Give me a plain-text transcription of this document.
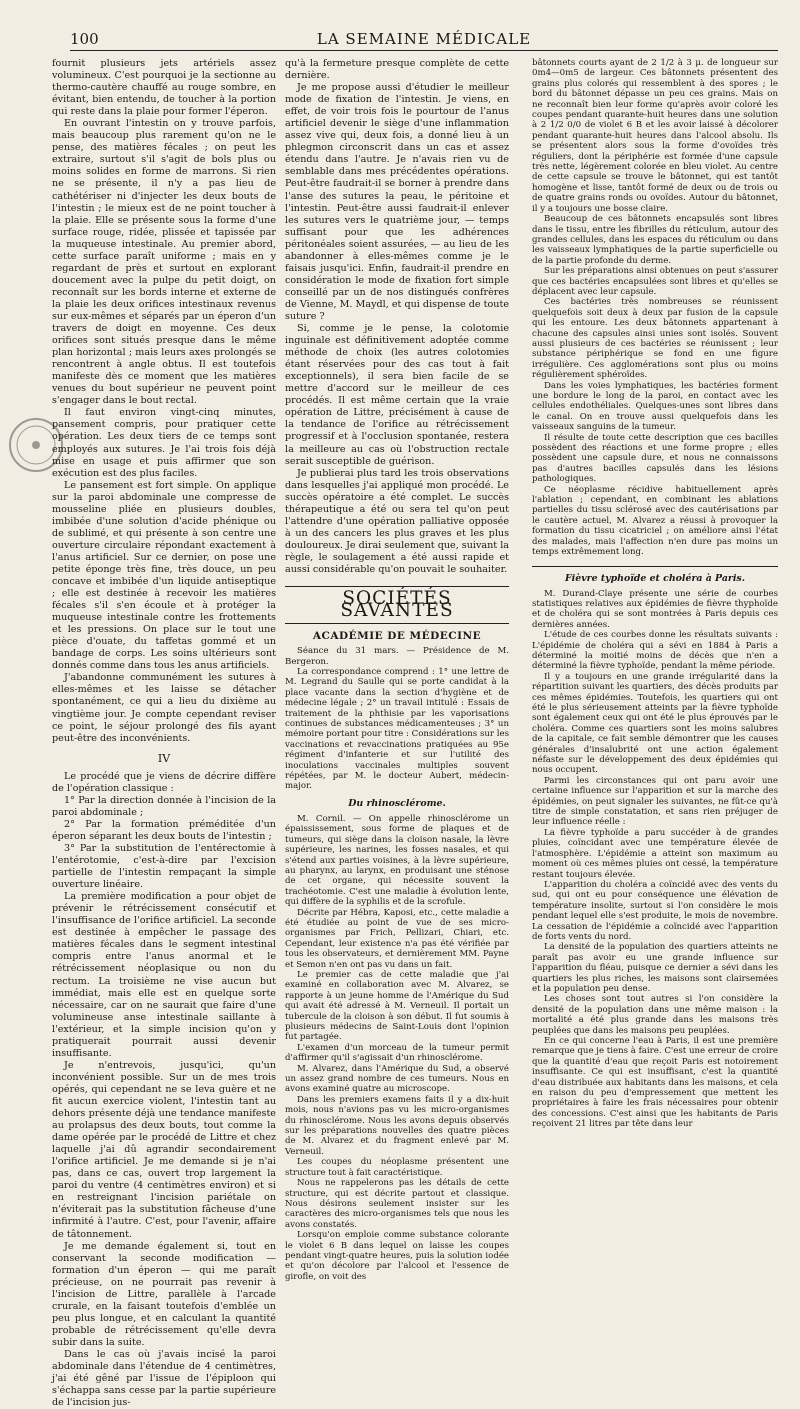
100	LA SEMAINE MÉDICALE

fournit plusieurs jets artériels assez volumineux. C'est pourquoi je la sectionne au thermo-cautère chauffé au rouge sombre, en évitant, bien entendu, de toucher à la portion qui reste dans la plaie pour former l'éperon.

En ouvrant l'intestin on y trouve parfois, mais beaucoup plus rarement qu'on ne le pense, des matières fécales ; on peut les extraire, surtout s'il s'agit de bols plus ou moins solides en forme de marrons. Si rien ne se présente, il n'y a pas lieu de cathétériser ni d'injecter les deux bouts de l'intestin ; le mieux est de ne point toucher à la plaie. Elle se présente sous la forme d'une surface rouge, ridée, plissée et tapissée par la muqueuse intestinale. Au premier abord, cette surface paraît uniforme ; mais en y regardant de près et surtout en explorant doucement avec la pulpe du petit doigt, on reconnaît sur les bords interne et externe de la plaie les deux orifices intestinaux revenus sur eux-mêmes et séparés par un éperon d'un travers de doigt en moyenne. Ces deux orifices sont situés presque dans le même plan horizontal ; mais leurs axes prolongés se rencontrent à angle obtus. Il est toutefois manifeste dès ce moment que les matières venues du bout supérieur ne peuvent point s'engager dans le bout rectal.

Il faut environ vingt-cinq minutes, pansement compris, pour pratiquer cette opération. Les deux tiers de ce temps sont employés aux sutures. Je l'ai trois fois déjà mise en usage et puis affirmer que son exécution est des plus faciles.

Le pansement est fort simple. On applique sur la paroi abdominale une compresse de mousseline pliée en plusieurs doubles, imbibée d'une solution d'acide phénique ou de sublimé, et qui présente à son centre une ouverture circulaire répondant exactement à l'anus artificiel. Sur ce dernier, on pose une petite éponge très fine, très douce, un peu concave et imbibée d'un liquide antiseptique ; elle est destinée à recevoir les matières fécales s'il s'en écoule et à protéger la muqueuse intestinale contre les frottements et les pressions. On place sur le tout une pièce d'ouate, du taffetas gommé et un bandage de corps. Les soins ultérieurs sont donnés comme dans tous les anus artificiels.

J'abandonne communément les sutures à elles-mêmes et les laisse se détacher spontanément, ce qui a lieu du dixième au vingtième jour. Je compte cependant reviser ce point, le séjour prolongé des fils ayant peut-être des inconvénients.

IV

Le procédé que je viens de décrire diffère de l'opération classique :

1° Par la direction donnée à l'incision de la paroi abdominale ;

2° Par la formation préméditée d'un éperon séparant les deux bouts de l'intestin ;

3° Par la substitution de l'entérectomie à l'entérotomie, c'est-à-dire par l'excision partielle de l'intestin rempaçant la simple ouverture linéaire.

La première modification a pour objet de prévenir le rétrécissement consécutif et l'insuffisance de l'orifice artificiel. La seconde est destinée à empêcher le passage des matières fécales dans le segment intestinal compris entre l'anus anormal et le rétrécissement néoplasique ou non du rectum. La troisième ne vise aucun but immédiat, mais elle est en quelque sorte nécessaire, car on ne saurait que faire d'une volumineuse anse intestinale saillante à l'extérieur, et la simple incision qu'on y pratiquerait pourrait aussi devenir insuffisante.

Je n'entrevois, jusqu'ici, qu'un inconvénient possible. Sur un de mes trois opérés, qui cependant ne se leva guère et ne fit aucun exercice violent, l'intestin tant au dehors présente déjà une tendance manifeste au prolapsus des deux bouts, tout comme la dame opérée par le procédé de Littre et chez laquelle j'ai dû agrandir secondairement l'orifice artificiel. Je me demande si je n'ai pas, dans ce cas, ouvert trop largement la paroi du ventre (4 centimètres environ) et si en restreignant l'incision pariétale on n'éviterait pas la substitution fâcheuse d'une infirmité à l'autre. C'est, pour l'avenir, affaire de tâtonnement.

Je me demande également si, tout en conservant la seconde modification — formation d'un éperon — qui me paraît précieuse, on ne pourrait pas revenir à l'incision de Littre, parallèle à l'arcade crurale, en la faisant toutefois d'emblée un peu plus longue, et en calculant la quantité probable de rétrécissement qu'elle devra subir dans la suite.

Dans le cas où j'avais incisé la paroi abdominale dans l'étendue de 4 centimètres, j'ai été gêné par l'issue de l'épiploon qui s'échappa sans cesse par la partie supérieure de l'incision jus-

qu'à la fermeture presque complète de cette dernière.

Je me propose aussi d'étudier le meilleur mode de fixation de l'intestin. Je viens, en effet, de voir trois fois le pourtour de l'anus artificiel devenir le siège d'une inflammation assez vive qui, deux fois, a donné lieu à un phlegmon circonscrit dans un cas et assez étendu dans l'autre. Je n'avais rien vu de semblable dans mes précédentes opérations. Peut-être faudrait-il se borner à prendre dans l'anse des sutures la peau, le péritoine et l'intestin. Peut-être aussi faudrait-il enlever les sutures vers le quatrième jour, — temps suffisant pour que les adhérences péritonéales soient assurées, — au lieu de les abandonner à elles-mêmes comme je le faisais jusqu'ici. Enfin, faudrait-il prendre en considération le mode de fixation fort simple conseillé par un de nos distingués confrères de Vienne, M. Maydl, et qui dispense de toute suture ?

Si, comme je le pense, la colotomie inguinale est définitivement adoptée comme méthode de choix (les autres colotomies étant réservées pour des cas tout à fait exceptionnels), il sera bien facile de se mettre d'accord sur le meilleur de ces procédés. Il est même certain que la vraie opération de Littre, précisément à cause de la tendance de l'orifice au rétrécissement progressif et à l'occlusion spontanée, restera la meilleure au cas où l'obstruction rectale serait susceptible de guérison.

Je publierai plus tard les trois observations dans lesquelles j'ai appliqué mon procédé. Le succès opératoire a été complet. Le succès thérapeutique a été ou sera tel qu'on peut l'attendre d'une opération palliative opposée à un des cancers les plus graves et les plus douloureux. Je dirai seulement que, suivant la règle, le soulagement a été aussi rapide et aussi considérable qu'on pouvait le souhaiter.

SOCIÉTÉS SAVANTES
ACADÉMIE DE MÉDECINE
Séance du 31 mars. — Présidence de M. Bergeron.

La correspondance comprend : 1° une lettre de M. Legrand du Saulle qui se porte candidat à la place vacante dans la section d'hygiène et de médecine légale ; 2° un travail intitulé : Essais de traitement de la phthisie par les vaporisations continues de substances médicamenteuses ; 3° un mémoire portant pour titre : Considérations sur les vaccinations et revaccinations pratiquées au 95e régiment d'infanterie et sur l'utilité des inoculations vaccinales multiples souvent répétées, par M. le docteur Aubert, médecin-major.

Du rhinosclérome.

M. Cornil. — On appelle rhinosclérome un épaississement, sous forme de plaques et de tumeurs, qui siège dans la cloison nasale, la lèvre supérieure, les narines, les fosses nasales, et qui s'étend aux parties voisines, à la lèvre supérieure, au pharynx, au larynx, en produisant une sténose de cet organe, qui nécessite souvent la trachéotomie. C'est une maladie à évolution lente, qui diffère de la syphilis et de la scrofule.

Décrite par Hébra, Kaposi, etc., cette maladie a été étudiée au point de vue de ses micro-organismes par Frich, Pellizari, Chiari, etc. Cependant, leur existence n'a pas été vérifiée par tous les observateurs, et dernièrement MM. Payne et Semon n'en ont pas vu dans un fait.

Le premier cas de cette maladie que j'ai examiné en collaboration avec M. Alvarez, se rapporte à un jeune homme de l'Amérique du Sud qui avait été adressé à M. Verneuil. Il portait un tubercule de la cloison à son début. Il fut soumis à plusieurs médecins de Saint-Louis dont l'opinion fut partagée.

L'examen d'un morceau de la tumeur permit d'affirmer qu'il s'agissait d'un rhinosclérome.

M. Alvarez, dans l'Amérique du Sud, a observé un assez grand nombre de ces tumeurs. Nous en avons examiné quatre au microscope.

Dans les premiers examens faits il y a dix-huit mois, nous n'avions pas vu les micro-organismes du rhinosclérome. Nous les avons depuis observés sur les préparations nouvelles des quatre pièces de M. Alvarez et du fragment enlevé par M. Verneuil.

Les coupes du néoplasme présentent une structure tout à fait caractéristique.

Nous ne rappelerons pas les détails de cette structure, qui est décrite partout et classique. Nous désirons seulement insister sur les caractères des micro-organismes tels que nous les avons constatés.

Lorsqu'on emploie comme substance colorante le violet 6 B dans lequel on laisse les coupes pendant vingt-quatre heures, puis la solution iodée et qu'on décolore par l'alcool et l'essence de girofle, on voit des

bâtonnets courts ayant de 2 1/2 à 3 μ. de longueur sur 0m4—0m5 de largeur. Ces bâtonnets présentent des grains plus colorés qui ressemblent à des spores ; le bord du bâtonnet dépasse un peu ces grains. Mais on ne reconnaît bien leur forme qu'après avoir coloré les coupes pendant quarante-huit heures dans une solution à 2 1/2 0/0 de violet 6 B et les avoir laissé à décolorer pendant quarante-huit heures dans l'alcool absolu. Ils se présentent alors sous la forme d'ovoïdes très réguliers, dont la périphérie est formée d'une capsule très nette, légèrement colorée en bleu violet. Au centre de cette capsule se trouve le bâtonnet, qui est tantôt homogène et lisse, tantôt formé de deux ou de trois ou de quatre grains ronds ou ovoïdes. Autour du bâtonnet, il y a toujours une bosse claire.

Beaucoup de ces bâtonnets encapsulés sont libres dans le tissu, entre les fibrilles du réticulum, autour des grandes cellules, dans les espaces du réticulum ou dans les vaisseaux lymphatiques de la partie superficielle ou de la partie profonde du derme.

Sur les préparations ainsi obtenues on peut s'assurer que ces bactéries encapsulées sont libres et qu'elles se déplacent avec leur capsule.

Ces bactéries très nombreuses se réunissent quelquefois soit deux à deux par fusion de la capsule qui les entoure. Les deux bâtonnets appartenant à chacune des capsules ainsi unies sont isolés. Souvent aussi plusieurs de ces bactéries se réunissent ; leur substance périphérique se fond en une figure irrégulière. Ces agglomérations sont plus ou moins régulièrement sphéroïdes.

Dans les voies lymphatiques, les bactéries forment une bordure le long de la paroi, en contact avec les cellules endothéliales. Quelques-unes sont libres dans le canal. On en trouve aussi quelquefois dans les vaisseaux sanguins de la tumeur.

Il résulte de toute cette description que ces bacilles possèdent des réactions et une forme propre ; elles possèdent une capsule dure, et nous ne connaissons pas d'autres bacilles capsulés dans les lésions pathologiques.

Ce néoplasme récidive habituellement après l'ablation ; cependant, en combinant les ablations partielles du tissu sclérosé avec des cautérisations par le cautère actuel, M. Alvarez a réussi à provoquer la formation du tissu cicatriciel ; on améliore ainsi l'état des malades, mais l'affection n'en dure pas moins un temps extrêmement long.

Fièvre typhoïde et choléra à Paris.

M. Durand-Claye présente une série de courbes statistiques relatives aux épidémies de fièvre thyphoïde et de choléra qui se sont montrées à Paris depuis ces dernières années.

L'étude de ces courbes donne les résultats suivants : L'épidémie de choléra qui a sévi en 1884 à Paris a déterminé la moitié moins de décès que n'en a déterminé la fièvre typhoïde, pendant la même période.

Il y a toujours en une grande irrégularité dans la répartition suivant les quartiers, des décès produits par ces mêmes épidémies. Toutefois, les quartiers qui ont été le plus sérieusement atteints par la fièvre typhoïde sont également ceux qui ont été le plus éprouvés par le choléra. Comme ces quartiers sont les moins salubres de la capitale, ce fait semble démontrer que les causes générales d'insalubrité ont une action également néfaste sur le développement des deux épidémies qui nous occupent.

Parmi les circonstances qui ont paru avoir une certaine influence sur l'apparition et sur la marche des épidémies, on peut signaler les suivantes, ne fût-ce qu'à titre de simple constatation, et sans rien préjuger de leur influence réelle :

La fièvre typhoïde a paru succéder à de grandes pluies, coïncidant avec une température élevée de l'atmosphère. L'épidémie a atteint son maximum au moment où ces mêmes pluies ont cessé, la température restant toujours élevée.

L'apparition du choléra a coïncidé avec des vents du sud, qui ont eu pour conséquence une élévation de température insolite, surtout si l'on considère le mois pendant lequel elle s'est produite, le mois de novembre. La cessation de l'épidémie a coïncidé avec l'apparition de forts vents du nord.

La densité de la population des quartiers atteints ne paraît pas avoir eu une grande influence sur l'apparition du fléau, puisque ce dernier a sévi dans les quartiers les plus riches, les maisons sont clairsemées et la population peu dense.

Les choses sont tout autres si l'on considère la densité de la population dans une même maison : la mortalité a été plus grande dans les maisons très peuplées que dans les maisons peu peuplées.

En ce qui concerne l'eau à Paris, il est une première remarque que je tiens à faire. C'est une erreur de croire que la quantité d'eau que reçoit Paris est notoirement insuffisante. Ce qui est insuffisant, c'est la quantité d'eau distribuée aux habitants dans les maisons, et cela en raison du peu d'empressement que mettent les propriétaires à faire les frais nécessaires pour obtenir des concessions. C'est ainsi que les habitants de Paris reçoivent 21 litres par tête dans leur
